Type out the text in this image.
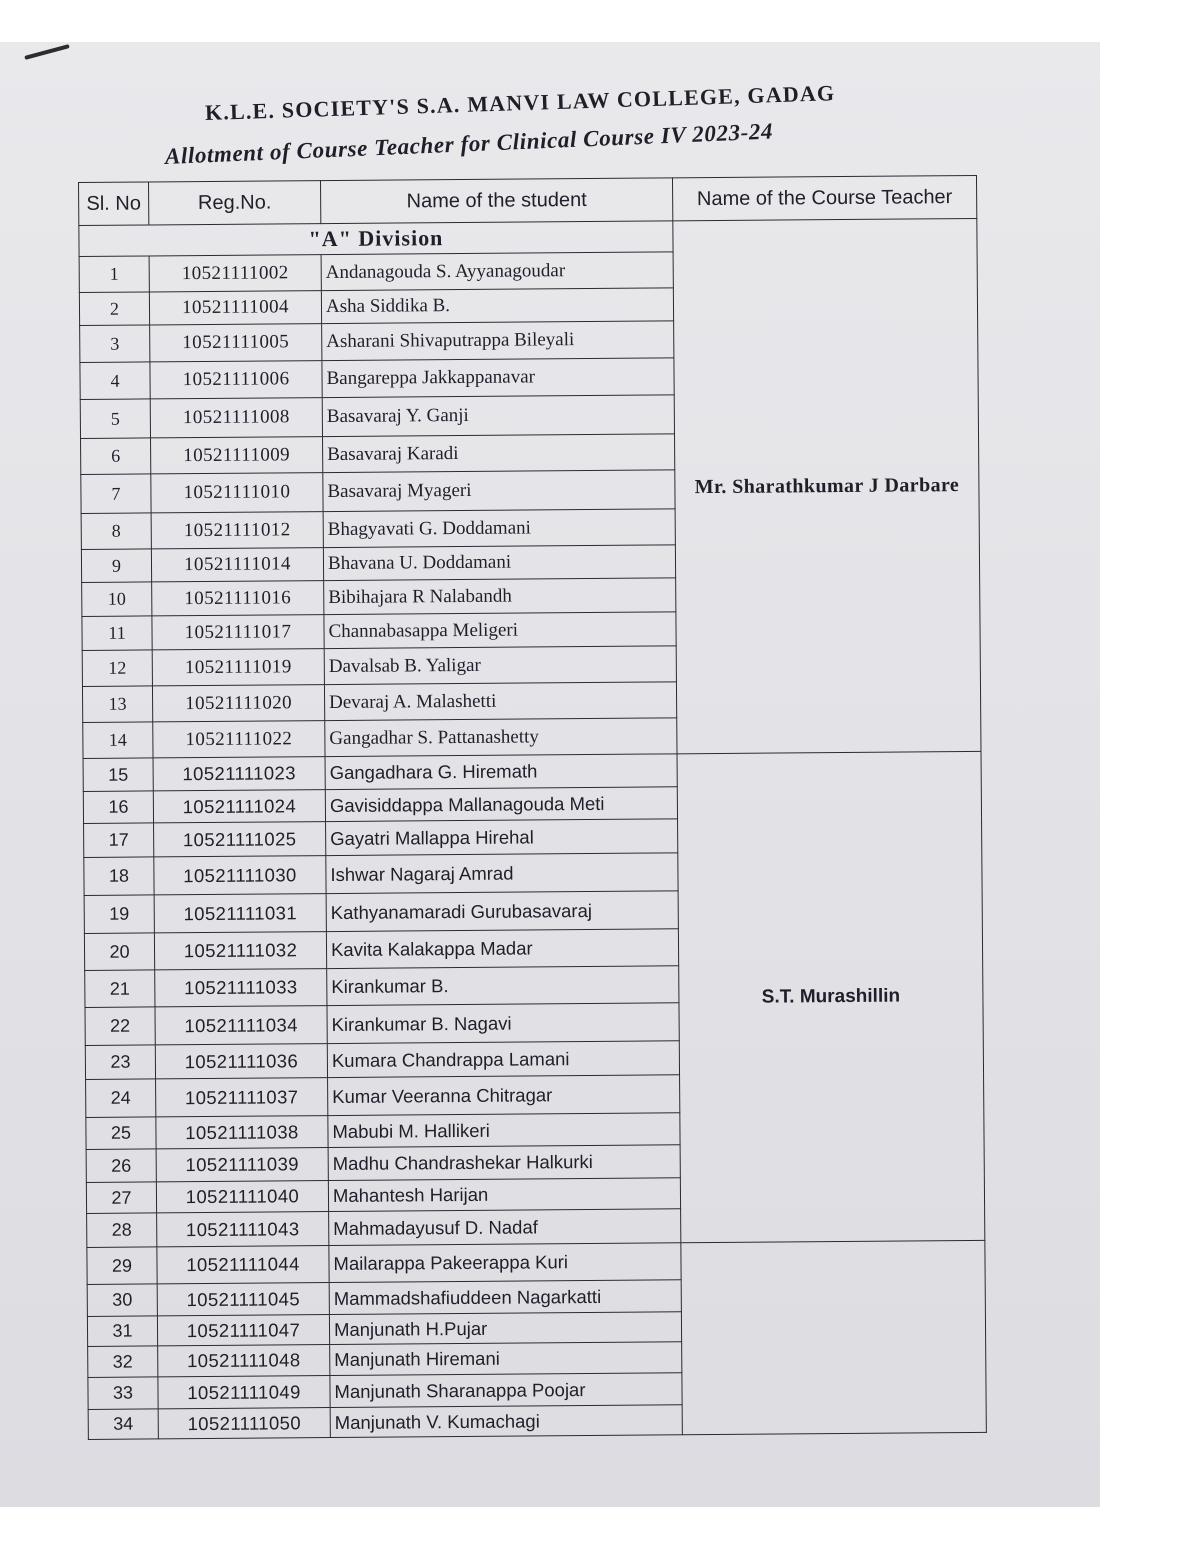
K.L.E. SOCIETY'S S.A. MANVI LAW COLLEGE, GADAG
Allotment of Course Teacher for Clinical Course IV 2023-24
Sl. No	Reg.No.	Name of the student	Name of the Course Teacher
"A" Division			Mr. Sharathkumar J Darbare
1	10521111002	Andanagouda S. Ayyanagoudar	
2	10521111004	Asha Siddika B.	
3	10521111005	Asharani Shivaputrappa Bileyali	
4	10521111006	Bangareppa Jakkappanavar	
5	10521111008	Basavaraj Y. Ganji	
6	10521111009	Basavaraj Karadi	
7	10521111010	Basavaraj Myageri	
8	10521111012	Bhagyavati G. Doddamani	
9	10521111014	Bhavana U. Doddamani	
10	10521111016	Bibihajara R Nalabandh	
11	10521111017	Channabasappa Meligeri	
12	10521111019	Davalsab B. Yaligar	
13	10521111020	Devaraj A. Malashetti	
14	10521111022	Gangadhar S. Pattanashetty	
15	10521111023	Gangadhara G. Hiremath	S.T. Murashillin
16	10521111024	Gavisiddappa Mallanagouda Meti	
17	10521111025	Gayatri Mallappa Hirehal	
18	10521111030	Ishwar Nagaraj Amrad	
19	10521111031	Kathyanamaradi Gurubasavaraj	
20	10521111032	Kavita Kalakappa Madar	
21	10521111033	Kirankumar B.	
22	10521111034	Kirankumar B. Nagavi	
23	10521111036	Kumara Chandrappa Lamani	
24	10521111037	Kumar Veeranna Chitragar	
25	10521111038	Mabubi M. Hallikeri	
26	10521111039	Madhu Chandrashekar Halkurki	
27	10521111040	Mahantesh Harijan	
28	10521111043	Mahmadayusuf D. Nadaf	
29	10521111044	Mailarappa Pakeerappa Kuri	
30	10521111045	Mammadshafiuddeen Nagarkatti	
31	10521111047	Manjunath H.Pujar	
32	10521111048	Manjunath Hiremani	
33	10521111049	Manjunath Sharanappa Poojar	
34	10521111050	Manjunath V. Kumachagi	
